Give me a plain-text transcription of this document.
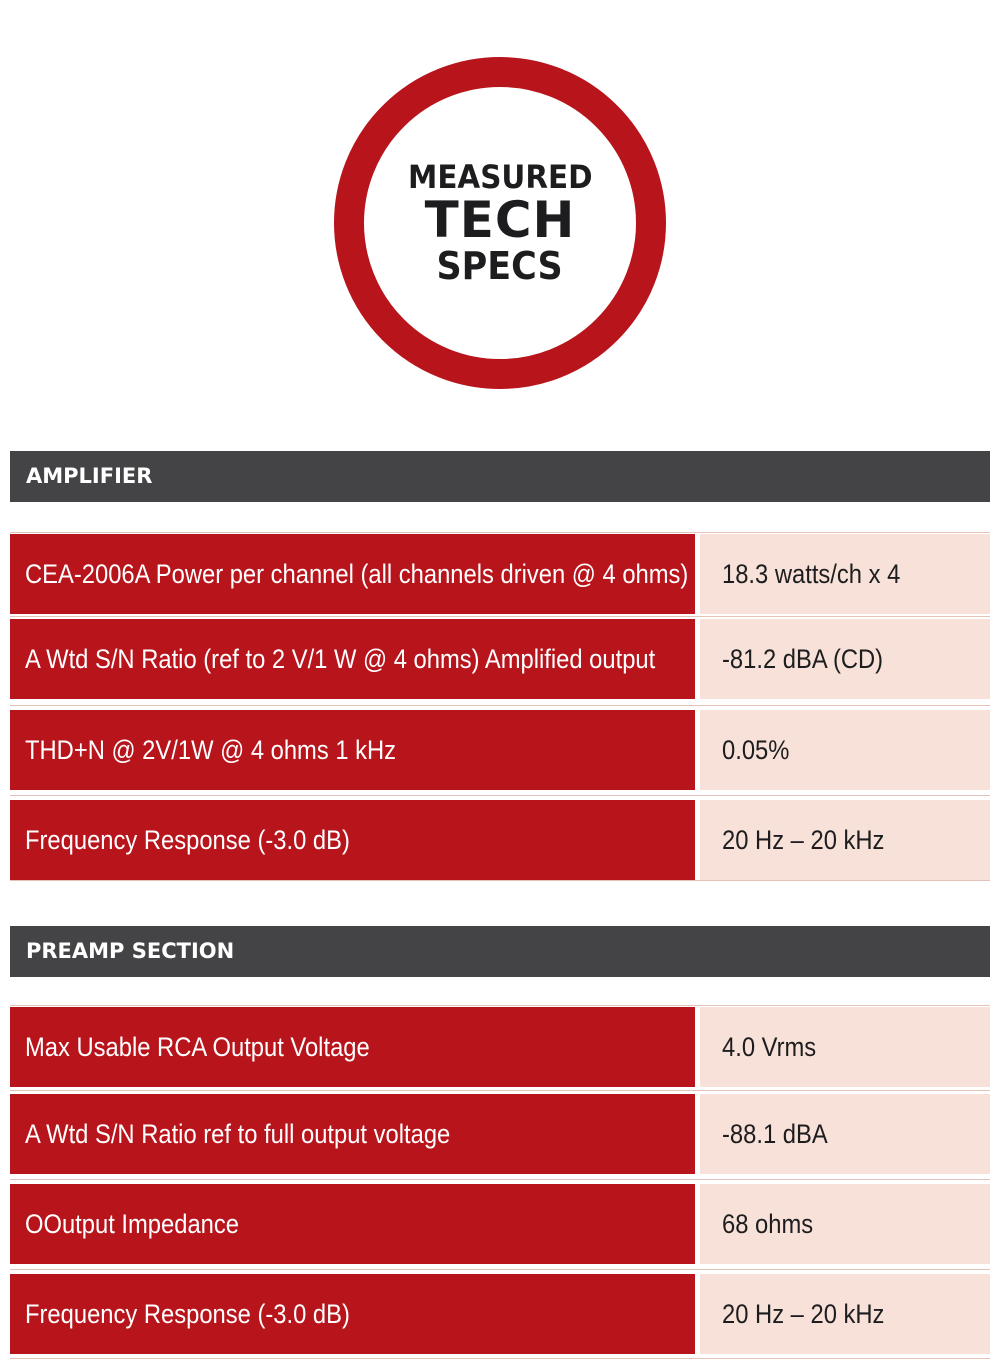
MEASURED
TECH
SPECS
AMPLIFIER
CEA-2006A Power per channel (all channels driven @ 4 ohms)	18.3 watts/ch x 4
A Wtd S/N Ratio (ref to 2 V/1 W @ 4 ohms) Amplified output	-81.2 dBA (CD)
THD+N @ 2V/1W @ 4 ohms 1 kHz	0.05%
Frequency Response (-3.0 dB)	20 Hz – 20 kHz
PREAMP SECTION
Max Usable RCA Output Voltage	4.0 Vrms
A Wtd S/N Ratio ref to full output voltage	-88.1 dBA
OOutput Impedance	68 ohms
Frequency Response (-3.0 dB)	20 Hz – 20 kHz
